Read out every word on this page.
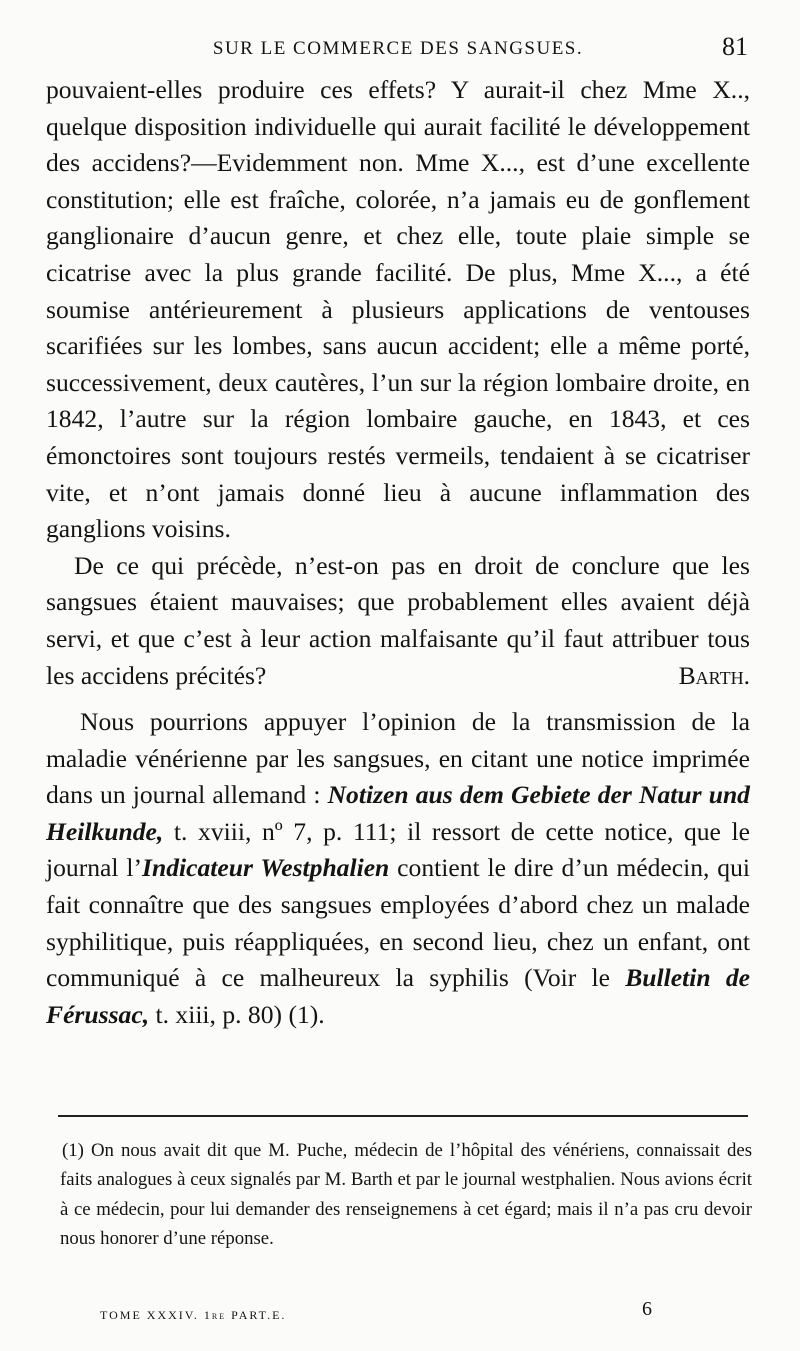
SUR LE COMMERCE DES SANGSUES.	81

pouvaient-elles produire ces effets? Y aurait-il chez Mme X.., quelque disposition individuelle qui aurait facilité le développement des accidens?—Evidemment non. Mme X..., est d’une excellente constitution; elle est fraîche, colorée, n’a jamais eu de gonflement ganglionaire d’aucun genre, et chez elle, toute plaie simple se cicatrise avec la plus grande facilité. De plus, Mme X..., a été soumise antérieurement à plusieurs applications de ventouses scarifiées sur les lombes, sans aucun accident; elle a même porté, successivement, deux cautères, l’un sur la région lombaire droite, en 1842, l’autre sur la région lombaire gauche, en 1843, et ces émonctoires sont toujours restés vermeils, tendaient à se cicatriser vite, et n’ont jamais donné lieu à aucune inflammation des ganglions voisins.

De ce qui précède, n’est-on pas en droit de conclure que les sangsues étaient mauvaises; que probablement elles avaient déjà servi, et que c’est à leur action malfaisante qu’il faut attribuer tous les accidens précités?	Barth.

Nous pourrions appuyer l’opinion de la transmission de la maladie vénérienne par les sangsues, en citant une notice imprimée dans un journal allemand : Notizen aus dem Gebiete der Natur und Heilkunde, t. xviii, nº 7, p. 111; il ressort de cette notice, que le journal l’Indicateur Westphalien contient le dire d’un médecin, qui fait connaître que des sangsues employées d’abord chez un malade syphilitique, puis réappliquées, en second lieu, chez un enfant, ont communiqué à ce malheureux la syphilis (Voir le Bulletin de Férussac, t. xiii, p. 80) (1).

(1) On nous avait dit que M. Puche, médecin de l’hôpital des vénériens, connaissait des faits analogues à ceux signalés par M. Barth et par le journal westphalien. Nous avions écrit à ce médecin, pour lui demander des renseignemens à cet égard; mais il n’a pas cru devoir nous honorer d’une réponse.
TOME XXXIV. 1re PART.E.	6
